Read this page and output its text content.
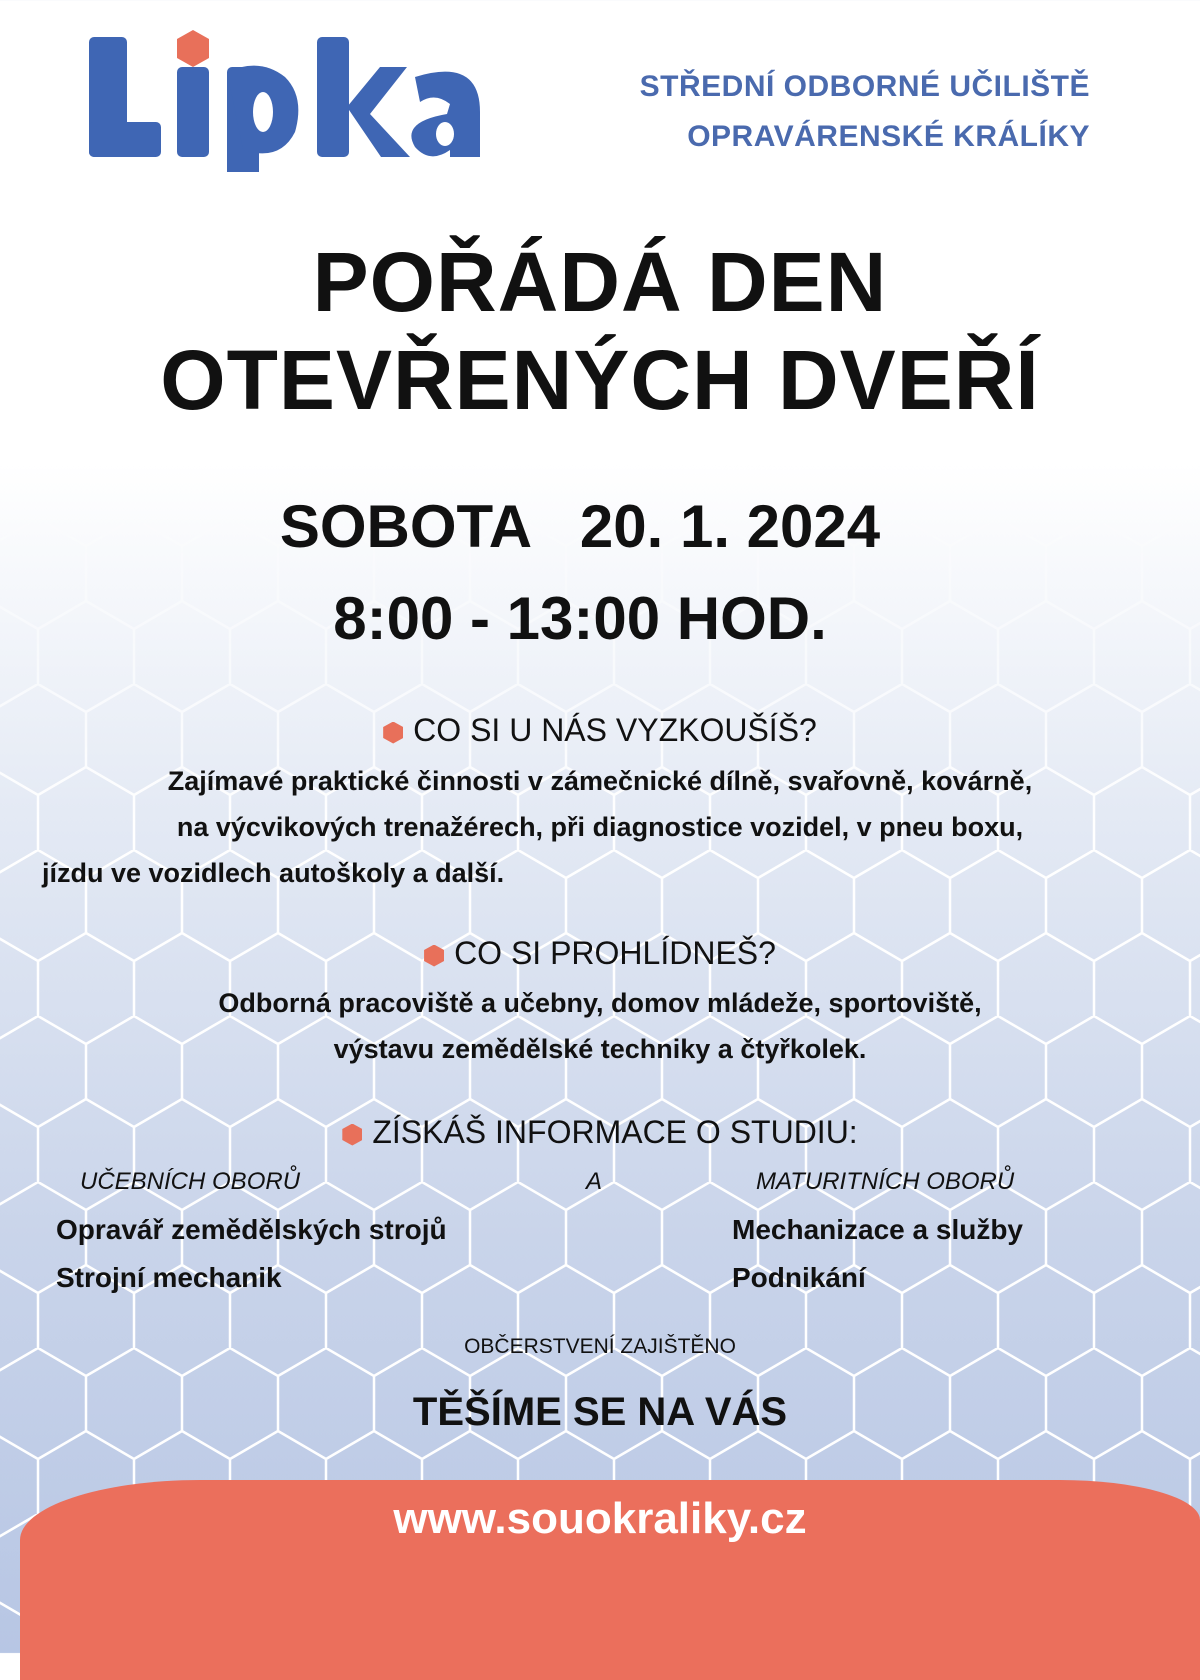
STŘEDNÍ ODBORNÉ UČILIŠTĚ
OPRAVÁRENSKÉ KRÁLÍKY
POŘÁDÁ DEN
OTEVŘENÝCH DVEŘÍ
SOBOTA 20. 1. 2024
8:00 - 13:00 HOD.
CO SI U NÁS VYZKOUŠÍŠ?
Zajímavé praktické činnosti v zámečnické dílně, svařovně, kovárně,
na výcvikových trenažérech, při diagnostice vozidel, v pneu boxu,
jízdu ve vozidlech autoškoly a další.
CO SI PROHLÍDNEŠ?
Odborná pracoviště a učebny, domov mládeže, sportoviště,
výstavu zemědělské techniky a čtyřkolek.
ZÍSKÁŠ INFORMACE O STUDIU:
UČEBNÍCH OBORŮ
Opravář zemědělských strojů
Strojní mechanik
A	MATURITNÍCH OBORŮ
Mechanizace a služby
Podnikání
OBČERSTVENÍ ZAJIŠTĚNO
TĚŠÍME SE NA VÁS
www.souokraliky.cz
